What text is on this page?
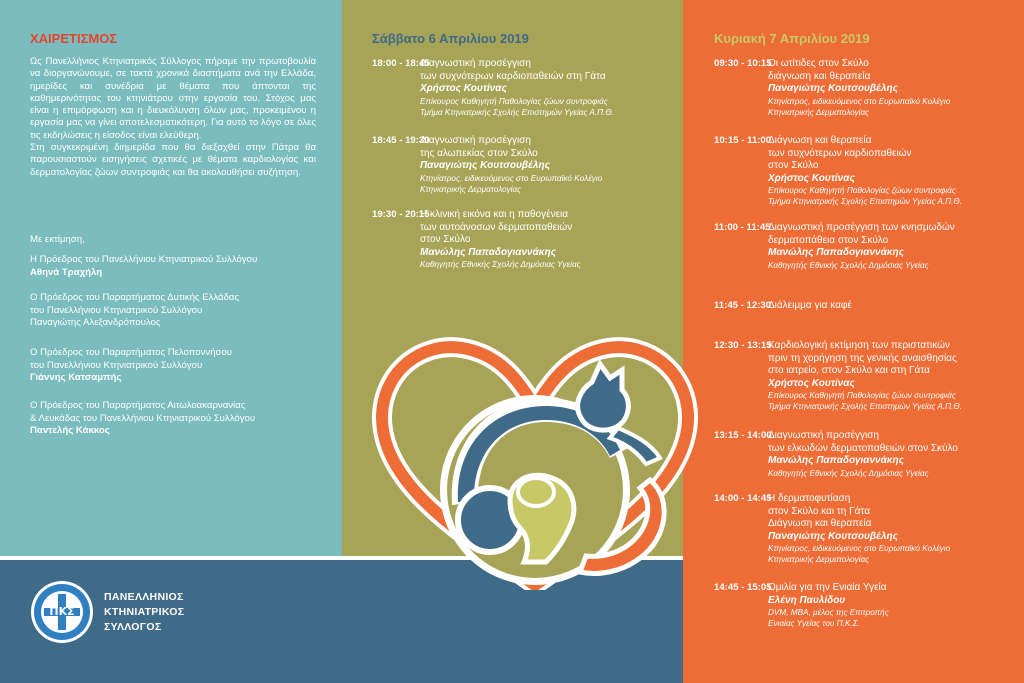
ΧΑΙΡΕΤΙΣΜΟΣ

Ως Πανελλήνιος Κτηνιατρικός Σύλλογος πήραμε την πρωτοβουλία να διοργανώνουμε, σε τακτά χρονικά διαστήματα ανά την Ελλάδα, ημερίδες και συνέδρια με θέματα που άπτονται της καθημερινότητας του κτηνιάτρου στην εργασία του. Στόχος μας είναι η επιμόρφωση και η διευκόλυνση όλων μας, προκειμένου η εργασία μας να γίνει αποτελεσματικότερη. Για αυτό το λόγο σε όλες τις εκδηλώσεις η είσοδος είναι ελεύθερη.

Στη συγκεκριμένη διημερίδα που θα διεξαχθεί στην Πάτρα θα παρουσιαστούν εισηγήσεις σχετικές με θέματα καρδιολογίας και δερματολογίας ζώων συντροφιάς και θα ακολουθήσει συζήτηση.

Με εκτίμηση,
Η Πρόεδρος του Πανελλήνιου Κτηνιατρικού Συλλόγου
Αθηνά Τραχήλη
Ο Πρόεδρος του Παραρτήματος Δυτικής Ελλάδας
του Πανελλήνιου Κτηνιατρικού Συλλόγου
Παναγιώτης Αλεξανδρόπουλος
Ο Πρόεδρος του Παραρτήματος Πελοποννήσου
του Πανελλήνιου Κτηνιατρικού Συλλόγου
Γιάννης Κατσαμπής
Ο Πρόεδρος του Παραρτήματος Αιτωλοακαρνανίας
& Λευκάδας του Πανελλήνιου Κτηνιατρικού Συλλόγου
Παντελής Κάκκος
Σάββατο 6 Απριλίου 2019	Κυριακή 7 Απριλίου 2019
18:00 - 18:45
Διαγνωστική προσέγγιση
των συχνότερων καρδιοπαθειών στη Γάτα
Χρήστος Κουτίνας
Επίκουρος Καθηγητή Παθολογίας ζώων συντροφιάς
Τμήμα Κτηνιατρικής Σχολής Επιστημών Υγείας Α.Π.Θ.
18:45 - 19:30
Διαγνωστική προσέγγιση
της αλωπεκίας στον Σκύλο
Παναγιώτης Κουτσουβέλης
Κτηνίατρος, ειδικευόμενος στο Ευρωπαϊκό Κολέγιο
Κτηνιατρικής Δερματολογίας
19:30 - 20:15
Η κλινική εικόνα και η παθογένεια
των αυτοάνοσων δερματοπαθειών
στον Σκύλο
Μανώλης Παπαδογιαννάκης
Καθηγητής Εθνικής Σχολής Δημόσιας Υγείας
09:30 - 10:15
Οι ωτίτιδες στον Σκύλο
διάγνωση και θεραπεία
Παναγιώτης Κουτσουβέλης
Κτηνίατρος, ειδικευόμενος στο Ευρωπαϊκό Κολέγιο
Κτηνιατρικής Δερματολογίας
10:15 - 11:00
Διάγνωση και θεραπεία
των συχνότερων καρδιοπαθειών
στον Σκύλο
Χρήστος Κουτίνας
Επίκουρος Καθηγητή Παθολογίας ζώων συντροφιάς
Τμήμα Κτηνιατρικής Σχολής Επιστημών Υγείας Α.Π.Θ.
11:00 - 11:45
Διαγνωστική προσέγγιση των κνησμωδών
δερματοπάθεια στον Σκύλο
Μανώλης Παπαδογιαννάκης
Καθηγητής Εθνικής Σχολής Δημόσιας Υγείας
11:45 - 12:30
Διάλειμμα για καφέ
12:30 - 13:15
Καρδιολογική εκτίμηση των περιστατικών
πριν τη χορήγηση της γενικής αναισθησίας
στο ιατρείο, στον Σκύλο και στη Γάτα
Χρήστος Κουτίνας
Επίκουρος Καθηγητή Παθολογίας ζώων συντροφιάς
Τμήμα Κτηνιατρικής Σχολής Επιστημών Υγείας Α.Π.Θ.
13:15 - 14:00
Διαγνωστική προσέγγιση
των ελκωδών δερματοπαθειών στον Σκύλο
Μανώλης Παπαδογιαννάκης
Καθηγητής Εθνικής Σχολής Δημόσιας Υγείας
14:00 - 14:45
Η δερματοφυτίαση
στον Σκύλο και τη Γάτα
Διάγνωση και θεραπεία
Παναγιώτης Κουτσουβέλης
Κτηνίατρος, ειδικευόμενος στο Ευρωπαϊκό Κολέγιο
Κτηνιατρικής Δερματολογίας
14:45 - 15:05
Ομιλία για την Ενιαία Υγεία
Ελένη Παυλίδου
DVM, MBA, μέλος της Επιτροπής
Ενιαίας Υγείας του Π.Κ.Σ.
ΠΚΣ
ΠΑΝΕΛΛΗΝΙΟΣ
ΚΤΗΝΙΑΤΡΙΚΟΣ
ΣΥΛΛΟΓΟΣ
